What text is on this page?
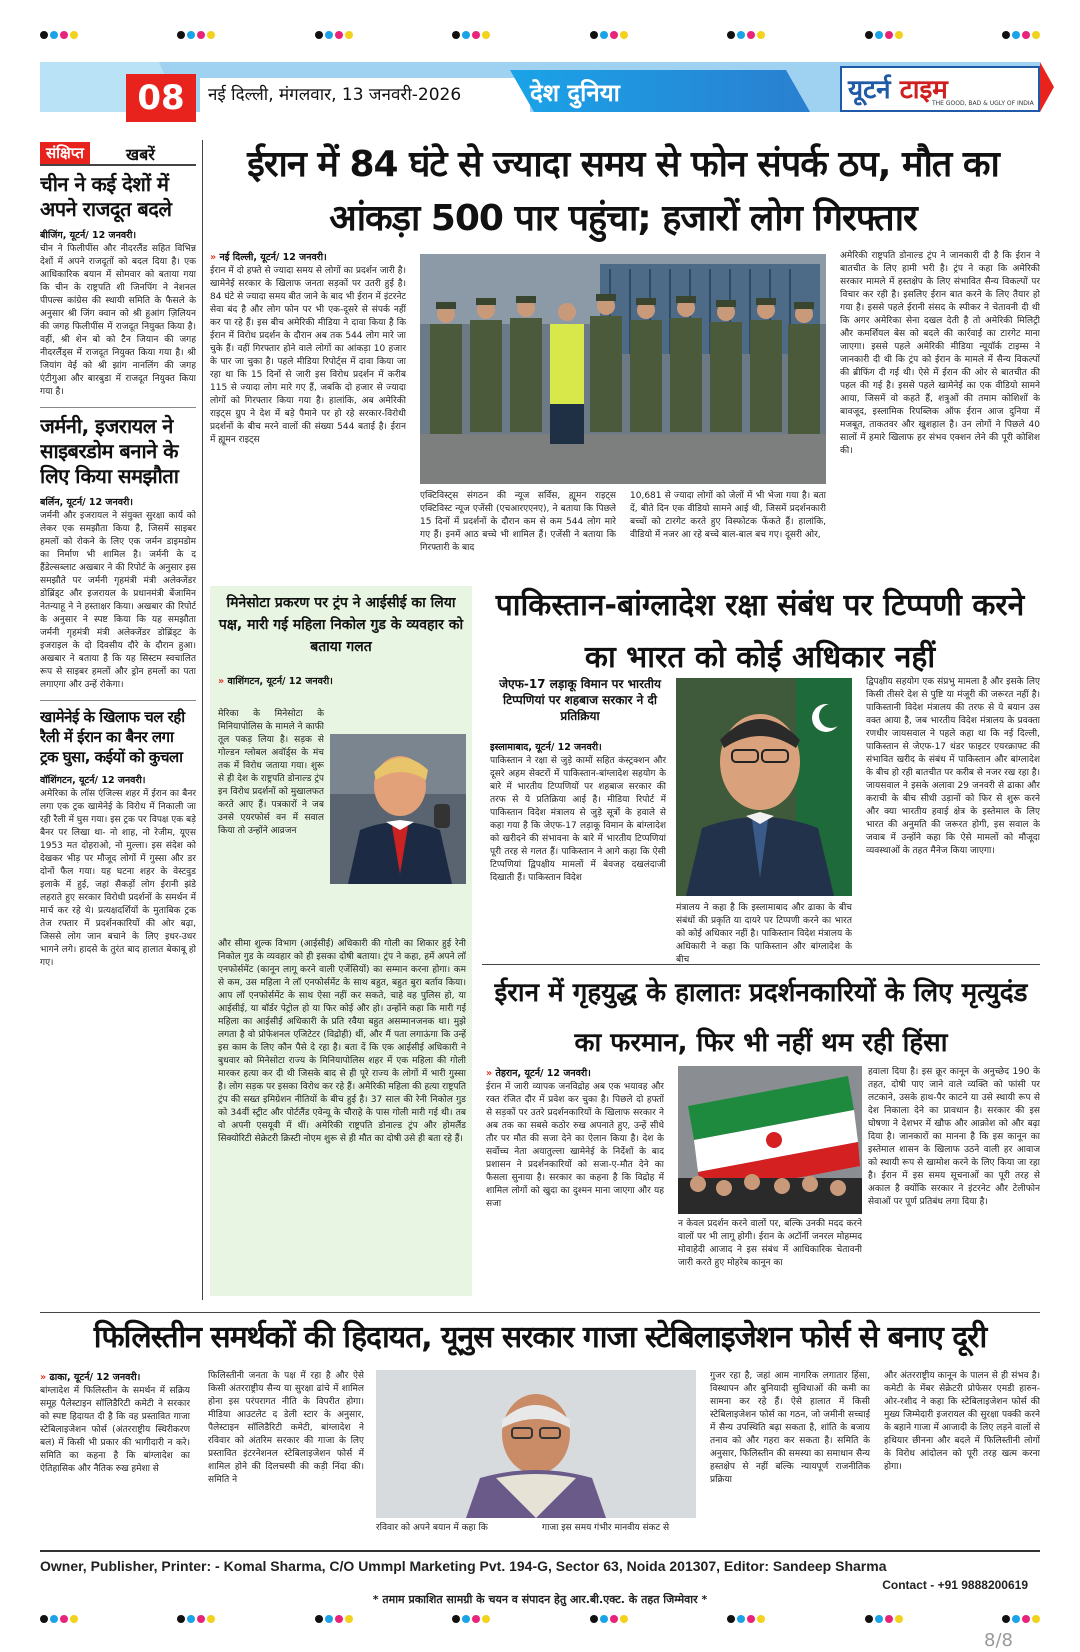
08	नई दिल्ली, मंगलवार, 13 जनवरी-2026	देश दुनिया	यूटर्न टाइम
THE GOOD, BAD & UGLY OF INDIA
संक्षिप्त	खबरें
चीन ने कई देशों में अपने राजदूत बदले
बीजिंग, यूटर्न/ 12 जनवरी।
चीन ने फिलीपींस और नीदरलैंड सहित विभिन्न देशों में अपने राजदूतों को बदल दिया है। एक आधिकारिक बयान में सोमवार को बताया गया कि चीन के राष्ट्रपति शी जिनपिंग ने नेशनल पीपल्स कांग्रेस की स्थायी समिति के फैसले के अनुसार श्री जिंग क्वान को श्री हुआंग ज़िलियन की जगह फिलीपींस में राजदूत नियुक्त किया है। वहीं, श्री शेन बो को टैन जियान की जगह नीदरलैंड्स में राजदूत नियुक्त किया गया है। श्री जियांग वेई को श्री झांग नानलिंग की जगह एंटीगुआ और बारबुडा में राजदूत नियुक्त किया गया है।
जर्मनी, इजरायल ने साइबरडोम बनाने के लिए किया समझौता
बर्लिन, यूटर्न/ 12 जनवरी।
जर्मनी और इजरायल ने संयुक्त सुरक्षा कार्य को लेकर एक समझौता किया है, जिसमें साइबर हमलों को रोकने के लिए एक जर्मन डाइमडोम का निर्माण भी शामिल है। जर्मनी के द हैंडेल्सब्लाट अखबार ने की रिपोर्ट के अनुसार इस समझौते पर जर्मनी गृहमंत्री मंत्री अलेक्जेंडर डोब्रिंड्ट और इजरायल के प्रधानमंत्री बेंजामिन नेतन्याहू ने ने हस्ताक्षर किया। अखबार की रिपोर्ट के अनुसार ने स्पष्ट किया कि यह समझौता जर्मनी गृहमंत्री मंत्री अलेक्जेंडर डोब्रिंड्ट के इजराइल के दो दिवसीय दौरे के दौरान हुआ। अखबार ने बताया है कि यह सिस्टम स्वचालित रूप से साइबर हमलों और ड्रोन हमलों का पता लगाएगा और उन्हें रोकेगा।
खामेनेई के खिलाफ चल रही रैली में ईरान का बैनर लगा ट्रक घुसा, कईयों को कुचला
वॉशिंगटन, यूटर्न/ 12 जनवरी।
अमेरिका के लॉस एंजिल्स शहर में ईरान का बैनर लगा एक ट्रक खामेनेई के विरोध में निकाली जा रही रैली में घुस गया। इस ट्रक पर विपक्ष एक बड़े बैनर पर लिखा था- नो शाह, नो रेजीम, यूएस 1953 मत दोहराओ, नो मुल्ला। इस संदेश को देखकर भीड़ पर मौजूद लोगों में गुस्सा और डर दोनों फैल गया। यह घटना शहर के वेस्टवुड इलाके में हुई, जहां सैकड़ों लोग ईरानी झंडे लहराते हुए सरकार विरोधी प्रदर्शनों के समर्थन में मार्च कर रहे थे। प्रत्यक्षदर्शियों के मुताबिक ट्रक तेज रफ्तार में प्रदर्शनकारियों की ओर बढ़ा, जिससे लोग जान बचाने के लिए इधर-उधर भागने लगे। हादसे के तुरंत बाद हालात बेकाबू हो गए।
ईरान में 84 घंटे से ज्यादा समय से फोन संपर्क ठप, मौत का आंकड़ा 500 पार पहुंचा; हजारों लोग गिरफ्तार
» नई दिल्ली, यूटर्न/ 12 जनवरी।
ईरान में दो हफ्ते से ज्यादा समय से लोगों का प्रदर्शन जारी है। खामेनेई सरकार के खिलाफ जनता सड़कों पर उतरी हुई है। 84 घंटे से ज्यादा समय बीत जाने के बाद भी ईरान में इंटरनेट सेवा बंद है और लोग फोन पर भी एक-दूसरे से संपर्क नहीं कर पा रहे हैं। इस बीच अमेरिकी मीडिया ने दावा किया है कि ईरान में विरोध प्रदर्शन के दौरान अब तक 544 लोग मारे जा चुके हैं। वहीं गिरफ्तार होने वाले लोगों का आंकड़ा 10 हजार के पार जा चुका है। पहले मीडिया रिपोर्ट्स में दावा किया जा रहा था कि 15 दिनों से जारी इस विरोध प्रदर्शन में करीब 115 से ज्यादा लोग मारे गए हैं, जबकि दो हजार से ज्यादा लोगों को गिरफ्तार किया गया है। हालांकि, अब अमेरिकी राइट्स ग्रुप ने देश में बड़े पैमाने पर हो रहे सरकार-विरोधी प्रदर्शनों के बीच मरने वालों की संख्या 544 बताई है। ईरान में ह्यूमन राइट्स
एक्टिविस्ट्स संगठन की न्यूज सर्विस, ह्यूमन राइट्स एक्टिविस्ट न्यूज एजेंसी (एचआरएएनए), ने बताया कि पिछले 15 दिनों में प्रदर्शनों के दौरान कम से कम 544 लोग मारे गए हैं। इनमें आठ बच्चे भी शामिल हैं। एजेंसी ने बताया कि गिरफ्तारी के बाद
10,681 से ज्यादा लोगों को जेलों में भी भेजा गया है। बता दें, बीते दिन एक वीडियो सामने आई थी, जिसमें प्रदर्शनकारी बच्चों को टारगेट करते हुए विस्फोटक फेंकते हैं। हालांकि, वीडियो में नजर आ रहे बच्चे बाल-बाल बच गए। दूसरी ओर,
अमेरिकी राष्ट्रपति डोनाल्ड ट्रंप ने जानकारी दी है कि ईरान ने बातचीत के लिए हामी भरी है। ट्रंप ने कहा कि अमेरिकी सरकार मामले में हस्तक्षेप के लिए संभावित सैन्य विकल्पों पर विचार कर रही है। इसलिए ईरान बात करने के लिए तैयार हो गया है। इससे पहले ईरानी संसद के स्पीकर ने चेतावनी दी थी कि अगर अमेरिका सेना दखल देती है तो अमेरिकी मिलिट्री और कमर्शियल बेस को बदले की कार्रवाई का टारगेट माना जाएगा। इससे पहले अमेरिकी मीडिया न्यूयॉर्क टाइम्स ने जानकारी दी थी कि ट्रंप को ईरान के मामले में सैन्य विकल्पों की ब्रीफिंग दी गई थी। ऐसे में ईरान की ओर से बातचीत की पहल की गई है। इससे पहले खामेनेई का एक वीडियो सामने आया, जिसमें वो कहते हैं, शत्रुओं की तमाम कोशिशों के बावजूद, इस्लामिक रिपब्लिक ऑफ ईरान आज दुनिया में मजबूत, ताकतवर और खुशहाल है। उन लोगों ने पिछले 40 सालों में हमारे खिलाफ हर संभव एक्शन लेने की पूरी कोशिश की।
मिनेसोटा प्रकरण पर ट्रंप ने आईसीई का लिया पक्ष, मारी गई महिला निकोल गुड के व्यवहार को बताया गलत
» वाशिंगटन, यूटर्न/ 12 जनवरी।
मेरिका के मिनेसोटा के मिनियापोलिस के मामले ने काफी तूल पकड़ लिया है। सड़क से गोल्डन ग्लोबल अवॉर्ड्स के मंच तक में विरोध जताया गया। शुरू से ही देश के राष्ट्रपति डोनाल्ड ट्रंप इन विरोध प्रदर्शनों को मुखालफत करते आए हैं। पत्रकारों ने जब उनसे एयरफोर्स वन में सवाल किया तो उन्होंने आव्रजन
और सीमा शुल्क विभाग (आईसीई) अधिकारी की गोली का शिकार हुई रेनी निकोल गुड के व्यवहार को ही इसका दोषी बताया। ट्रंप ने कहा, हमें अपने लॉ एनफोर्समेंट (कानून लागू करने वाली एजेंसियों) का सम्मान करना होगा। कम से कम, उस महिला ने लॉ एनफोर्समेंट के साथ बहुत, बहुत बुरा बर्ताव किया। आप लॉ एनफोर्समेंट के साथ ऐसा नहीं कर सकते, चाहे वह पुलिस हो, या आईसीई, या बॉर्डर पेट्रोल हो या फिर कोई और हो। उन्होंने कहा कि मारी गई महिला का आईसीई अधिकारी के प्रति रवैया बहुत असम्मानजनक था। मुझे लगता है वो प्रोफेशनल एजिटेटर (विद्रोही) थीं, और मैं पता लगाऊंगा कि उन्हें इस काम के लिए कौन पैसे दे रहा है। बता दें कि एक आईसीई अधिकारी ने बुधवार को मिनेसोटा राज्य के मिनियापोलिस शहर में एक महिला की गोली मारकर हत्या कर दी थी जिसके बाद से ही पूरे राज्य के लोगों में भारी गुस्सा है। लोग सड़क पर इसका विरोध कर रहे हैं। अमेरिकी महिला की हत्या राष्ट्रपति ट्रंप की सख्त इमिग्रेशन नीतियों के बीच हुई है। 37 साल की रेनी निकोल गुड को 34वीं स्ट्रीट और पोर्टलैंड एवेन्यू के चौराहे के पास गोली मारी गई थी। तब वो अपनी एसयूवी में थीं। अमेरिकी राष्ट्रपति डोनाल्ड ट्रंप और होमलैंड सिक्योरिटी सेक्रेटरी क्रिस्टी नोएम शुरू से ही मौत का दोषी उसे ही बता रहे हैं।
पाकिस्तान-बांग्लादेश रक्षा संबंध पर टिप्पणी करने का भारत को कोई अधिकार नहीं
जेएफ-17 लड़ाकू विमान पर भारतीय टिप्पणियां पर शहबाज सरकार ने दी प्रतिक्रिया
इस्लामाबाद, यूटर्न/ 12 जनवरी।
पाकिस्तान ने रक्षा से जुड़े कामों सहित कंस्ट्रक्शन और दूसरे अहम सेक्टरों में पाकिस्तान-बांग्लादेश सहयोग के बारे में भारतीय टिप्पणियों पर शहबाज सरकार की तरफ से ये प्रतिक्रिया आई है। मीडिया रिपोर्ट में पाकिस्तान विदेश मंत्रालय से जुड़े सूत्रों के हवाले से कहा गया है कि जेएफ-17 लड़ाकू विमान के बांग्लादेश को खरीदने की संभावना के बारे में भारतीय टिप्पणियां पूरी तरह से गलत हैं। पाकिस्तान ने आगे कहा कि ऐसी टिप्पणियां द्विपक्षीय मामलों में बेवजह दखलंदाजी दिखाती हैं। पाकिस्तान विदेश
मंत्रालय ने कहा है कि इस्लामाबाद और ढाका के बीच संबंधों की प्रकृति या दायरे पर टिप्पणी करने का भारत को कोई अधिकार नहीं है। पाकिस्तान विदेश मंत्रालय के अधिकारी ने कहा कि पाकिस्तान और बांग्लादेश के बीच
द्विपक्षीय सहयोग एक संप्रभु मामला है और इसके लिए किसी तीसरे देश से पुष्टि या मंजूरी की जरूरत नहीं है। पाकिस्तानी विदेश मंत्रालय की तरफ से ये बयान उस वक्त आया है, जब भारतीय विदेश मंत्रालय के प्रवक्ता रणधीर जायसवाल ने पहले कहा था कि नई दिल्ली, पाकिस्तान से जेएफ-17 थंडर फाइटर एयरक्राफ्ट की संभावित खरीद के संबंध में पाकिस्तान और बांग्लादेश के बीच हो रही बातचीत पर करीब से नजर रख रहा है। जायसवाल ने इसके अलावा 29 जनवरी से ढाका और कराची के बीच सीधी उड़ानों को फिर से शुरू करने और क्या भारतीय हवाई क्षेत्र के इस्तेमाल के लिए भारत की अनुमति की जरूरत होगी, इस सवाल के जवाब में उन्होंने कहा कि ऐसे मामलों को मौजूदा व्यवस्थाओं के तहत मैनेज किया जाएगा।
ईरान में गृहयुद्ध के हालातः प्रदर्शनकारियों के लिए मृत्युदंड का फरमान, फिर भी नहीं थम रही हिंसा
» तेहरान, यूटर्न/ 12 जनवरी।
ईरान में जारी व्यापक जनविद्रोह अब एक भयावह और रक्त रंजित दौर में प्रवेश कर चुका है। पिछले दो हफ्तों से सड़कों पर उतरे प्रदर्शनकारियों के खिलाफ सरकार ने अब तक का सबसे कठोर रुख अपनाते हुए, उन्हें सीधे तौर पर मौत की सजा देने का ऐलान किया है। देश के सर्वोच्च नेता अयातुल्ला खामेनेई के निर्देशों के बाद प्रशासन ने प्रदर्शनकारियों को सजा-ए-मौत देने का फैसला सुनाया है। सरकार का कहना है कि विद्रोह में शामिल लोगों को खुदा का दुश्मन माना जाएगा और यह सजा
न केवल प्रदर्शन करने वालों पर, बल्कि उनकी मदद करने वालों पर भी लागू होगी। ईरान के अटॉर्नी जनरल मोहम्मद मोवाहेदी आजाद ने इस संबंध में आधिकारिक चेतावनी जारी करते हुए मोहरेब कानून का
हवाला दिया है। इस क्रूर कानून के अनुच्छेद 190 के तहत, दोषी पाए जाने वाले व्यक्ति को फांसी पर लटकाने, उसके हाथ-पैर काटने या उसे स्थायी रूप से देश निकाला देने का प्रावधान है। सरकार की इस घोषणा ने देशभर में खौफ और आक्रोश को और बढ़ा दिया है। जानकारों का मानना है कि इस कानून का इस्तेमाल शासन के खिलाफ उठने वाली हर आवाज को स्थायी रूप से खामोश करने के लिए किया जा रहा है। ईरान में इस समय सूचनाओं का पूरी तरह से अकाल है क्योंकि सरकार ने इंटरनेट और टेलीफोन सेवाओं पर पूर्ण प्रतिबंध लगा दिया है।
फिलिस्तीन समर्थकों की हिदायत, यूनुस सरकार गाजा स्टेबिलाइजेशन फोर्स से बनाए दूरी
» ढाका, यूटर्न/ 12 जनवरी।
बांग्लादेश में फिलिस्तीन के समर्थन में सक्रिय समूह पैलेस्टाइन सॉलिडैरिटी कमेटी ने सरकार को स्पष्ट हिदायत दी है कि वह प्रस्तावित गाजा स्टेबिलाइजेशन फोर्स (अंतरराष्ट्रीय स्थिरीकरण बल) में किसी भी प्रकार की भागीदारी न करे। समिति का कहना है कि बांग्लादेश का ऐतिहासिक और नैतिक रुख हमेशा से
फिलिस्तीनी जनता के पक्ष में रहा है और ऐसे किसी अंतरराष्ट्रीय सैन्य या सुरक्षा ढांचे में शामिल होना इस परंपरागत नीति के विपरीत होगा। मीडिया आउटलेट द डेली स्टार के अनुसार, पैलेस्टाइन सॉलिडैरिटी कमेटी, बांग्लादेश ने रविवार को अंतरिम सरकार की गाजा के लिए प्रस्तावित इंटरनेशनल स्टेबिलाइजेशन फोर्स में शामिल होने की दिलचस्पी की कड़ी निंदा की। समिति ने
रविवार को अपने बयान में कहा कि	गाजा इस समय गंभीर मानवीय संकट से
गुजर रहा है, जहां आम नागरिक लगातार हिंसा, विस्थापन और बुनियादी सुविधाओं की कमी का सामना कर रहे हैं। ऐसे हालात में किसी स्टेबिलाइजेशन फोर्स का गठन, जो जमीनी सच्चाई में सैन्य उपस्थिति बढ़ा सकता है, शांति के बजाय तनाव को और गहरा कर सकता है। समिति के अनुसार, फिलिस्तीन की समस्या का समाधान सैन्य हस्तक्षेप से नहीं बल्कि न्यायपूर्ण राजनीतिक प्रक्रिया
और अंतरराष्ट्रीय कानून के पालन से ही संभव है। कमेटी के मेंबर सेक्रेटरी प्रोफेसर एमडी हारुन-ओर-रशीद ने कहा कि स्टेबिलाइजेशन फोर्स की मुख्य जिम्मेदारी इजरायल की सुरक्षा पक्की करने के बहाने गाजा में आजादी के लिए लड़ने वालों से हथियार छीनना और बदले में फिलिस्तीनी लोगों के विरोध आंदोलन को पूरी तरह खत्म करना होगा।
Owner, Publisher, Printer: - Komal Sharma, C/O Ummpl Marketing Pvt. 194-G, Sector 63, Noida 201307, Editor: Sandeep Sharma
Contact - +91 9888200619
* तमाम प्रकाशित सामग्री के चयन व संपादन हेतु आर.बी.एक्ट. के तहत जिम्मेवार *
8/8
